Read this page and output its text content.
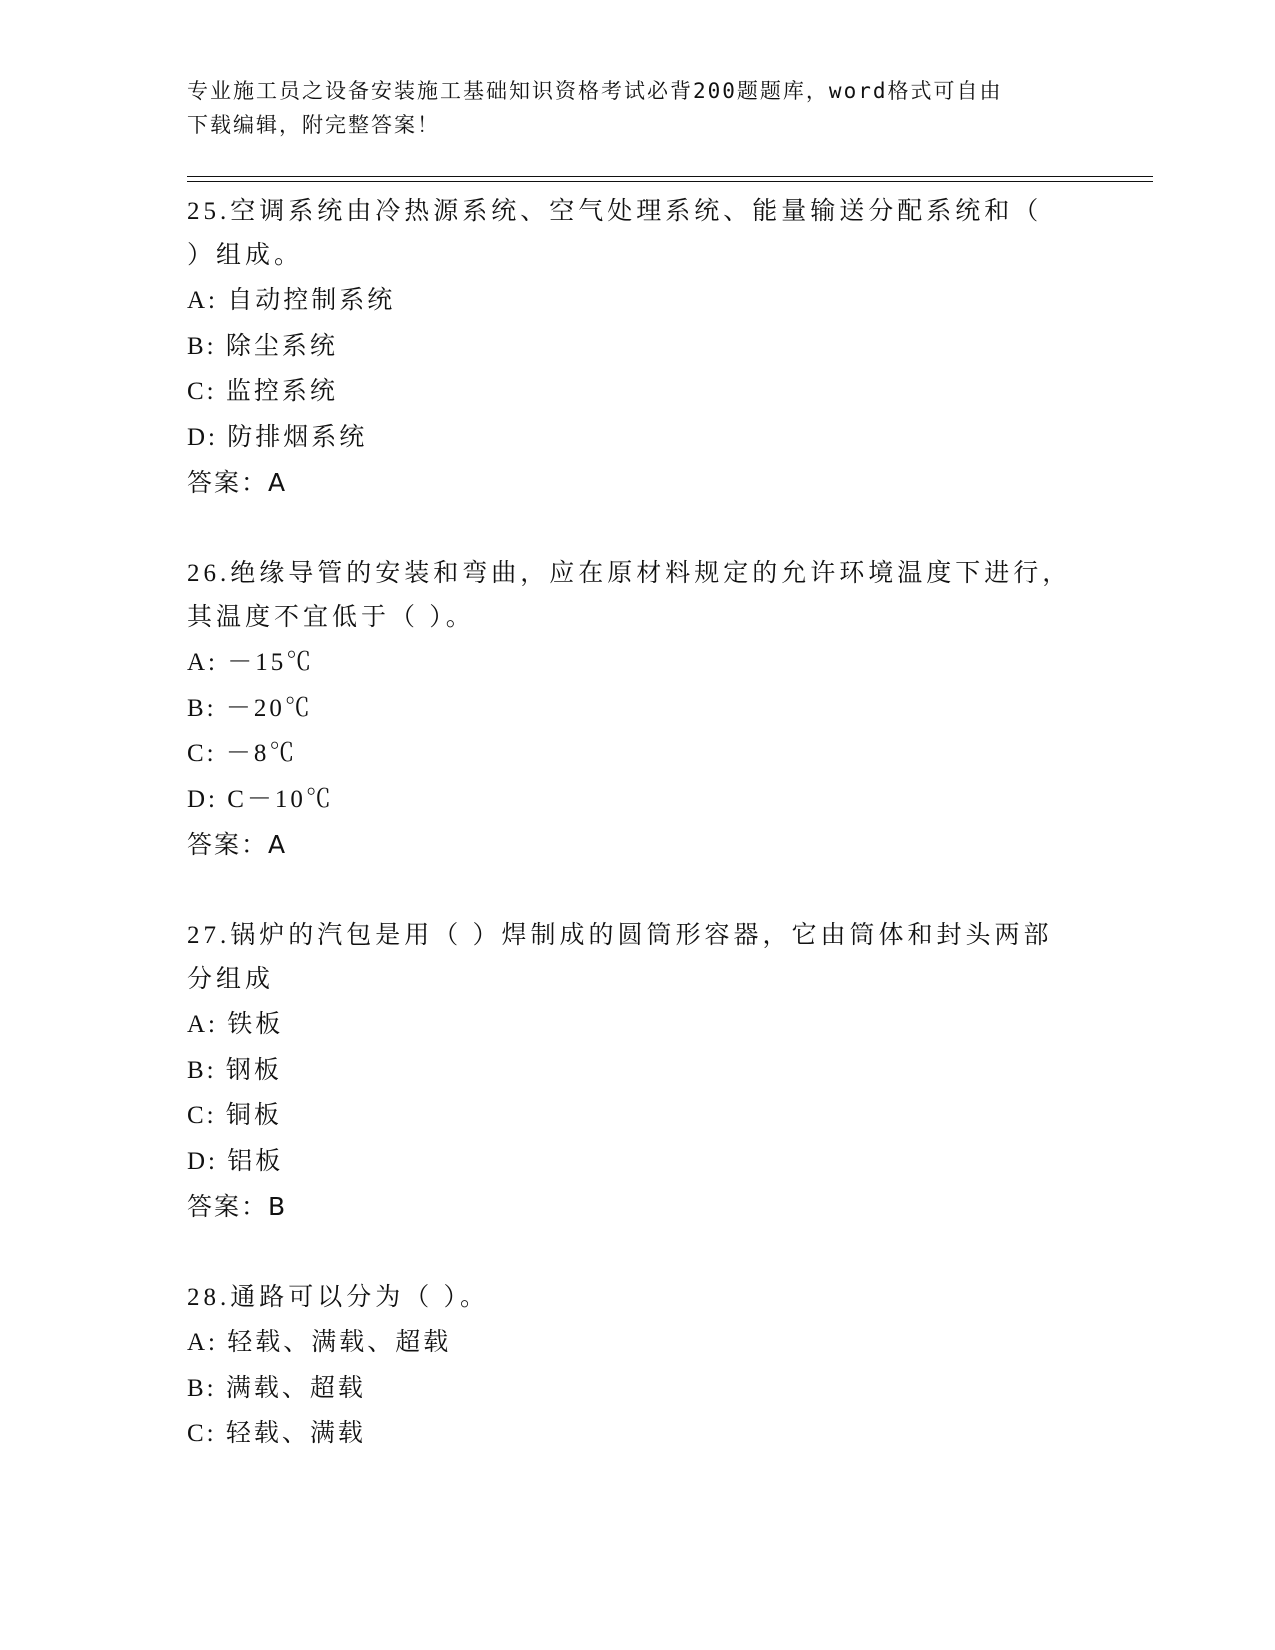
专业施工员之设备安装施工基础知识资格考试必背200题题库，word格式可自由
下载编辑，附完整答案！
25.空调系统由冷热源系统、空气处理系统、能量输送分配系统和（
）组成。
A: 自动控制系统
B: 除尘系统
C: 监控系统
D: 防排烟系统
答案：A
26.绝缘导管的安装和弯曲，应在原材料规定的允许环境温度下进行，
其温度不宜低于（ ）。
A: －15℃
B: －20℃
C: －8℃
D: C－10℃
答案：A
27.锅炉的汽包是用（ ）焊制成的圆筒形容器，它由筒体和封头两部
分组成
A: 铁板
B: 钢板
C: 铜板
D: 铝板
答案：B
28.通路可以分为（ ）。
A: 轻载、满载、超载
B: 满载、超载
C: 轻载、满载
